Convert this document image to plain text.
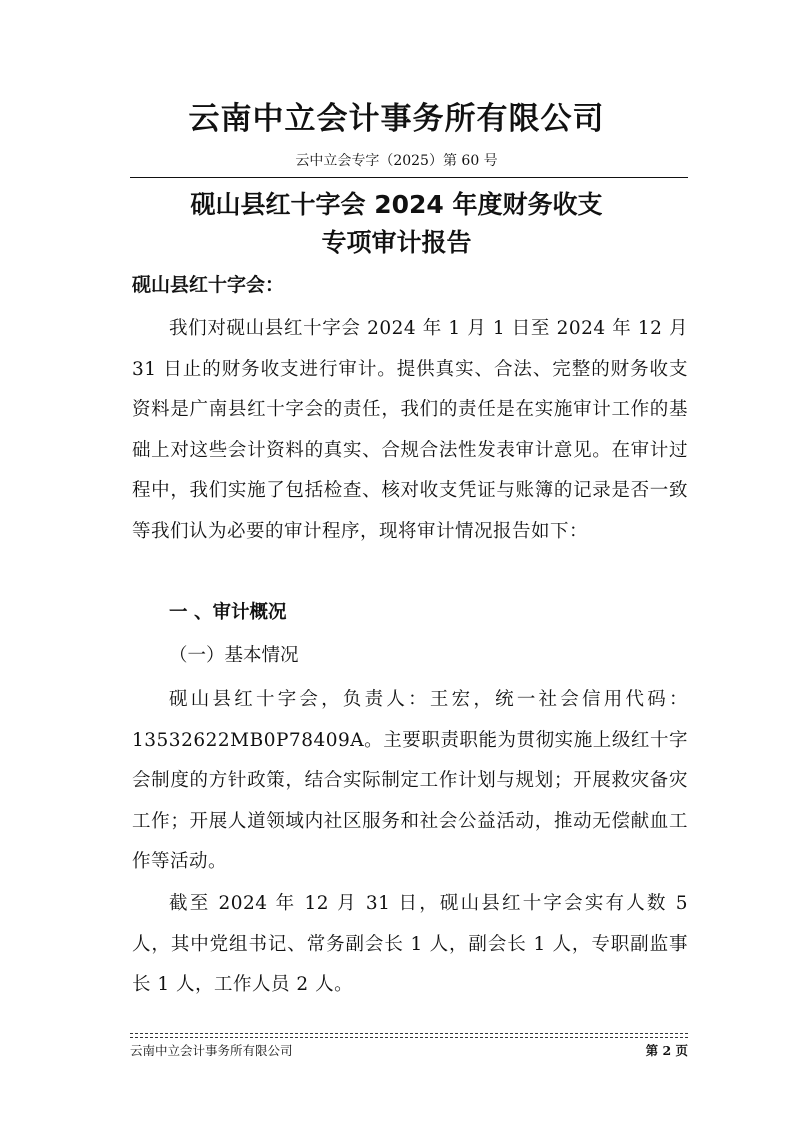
云南中立会计事务所有限公司
云中立会专字（2025）第 60 号
砚山县红十字会 2024 年度财务收支
专项审计报告
砚山县红十字会：
我们对砚山县红十字会 2024 年 1 月 1 日至 2024 年 12 月 31 日止的财务收支进行审计。提供真实、合法、完整的财务收支资料是广南县红十字会的责任，我们的责任是在实施审计工作的基础上对这些会计资料的真实、合规合法性发表审计意见。在审计过程中，我们实施了包括检查、核对收支凭证与账簿的记录是否一致等我们认为必要的审计程序，现将审计情况报告如下：
一 、审计概况
（一）基本情况
砚山县红十字会，负责人：王宏，统一社会信用代码：13532622MB0P78409A。主要职责职能为贯彻实施上级红十字会制度的方针政策，结合实际制定工作计划与规划；开展救灾备灾工作；开展人道领域内社区服务和社会公益活动，推动无偿献血工作等活动。
截至 2024 年 12 月 31 日，砚山县红十字会实有人数 5 人，其中党组书记、常务副会长 1 人，副会长 1 人，专职副监事长 1 人，工作人员 2 人。
云南中立会计事务所有限公司	第 2 页
